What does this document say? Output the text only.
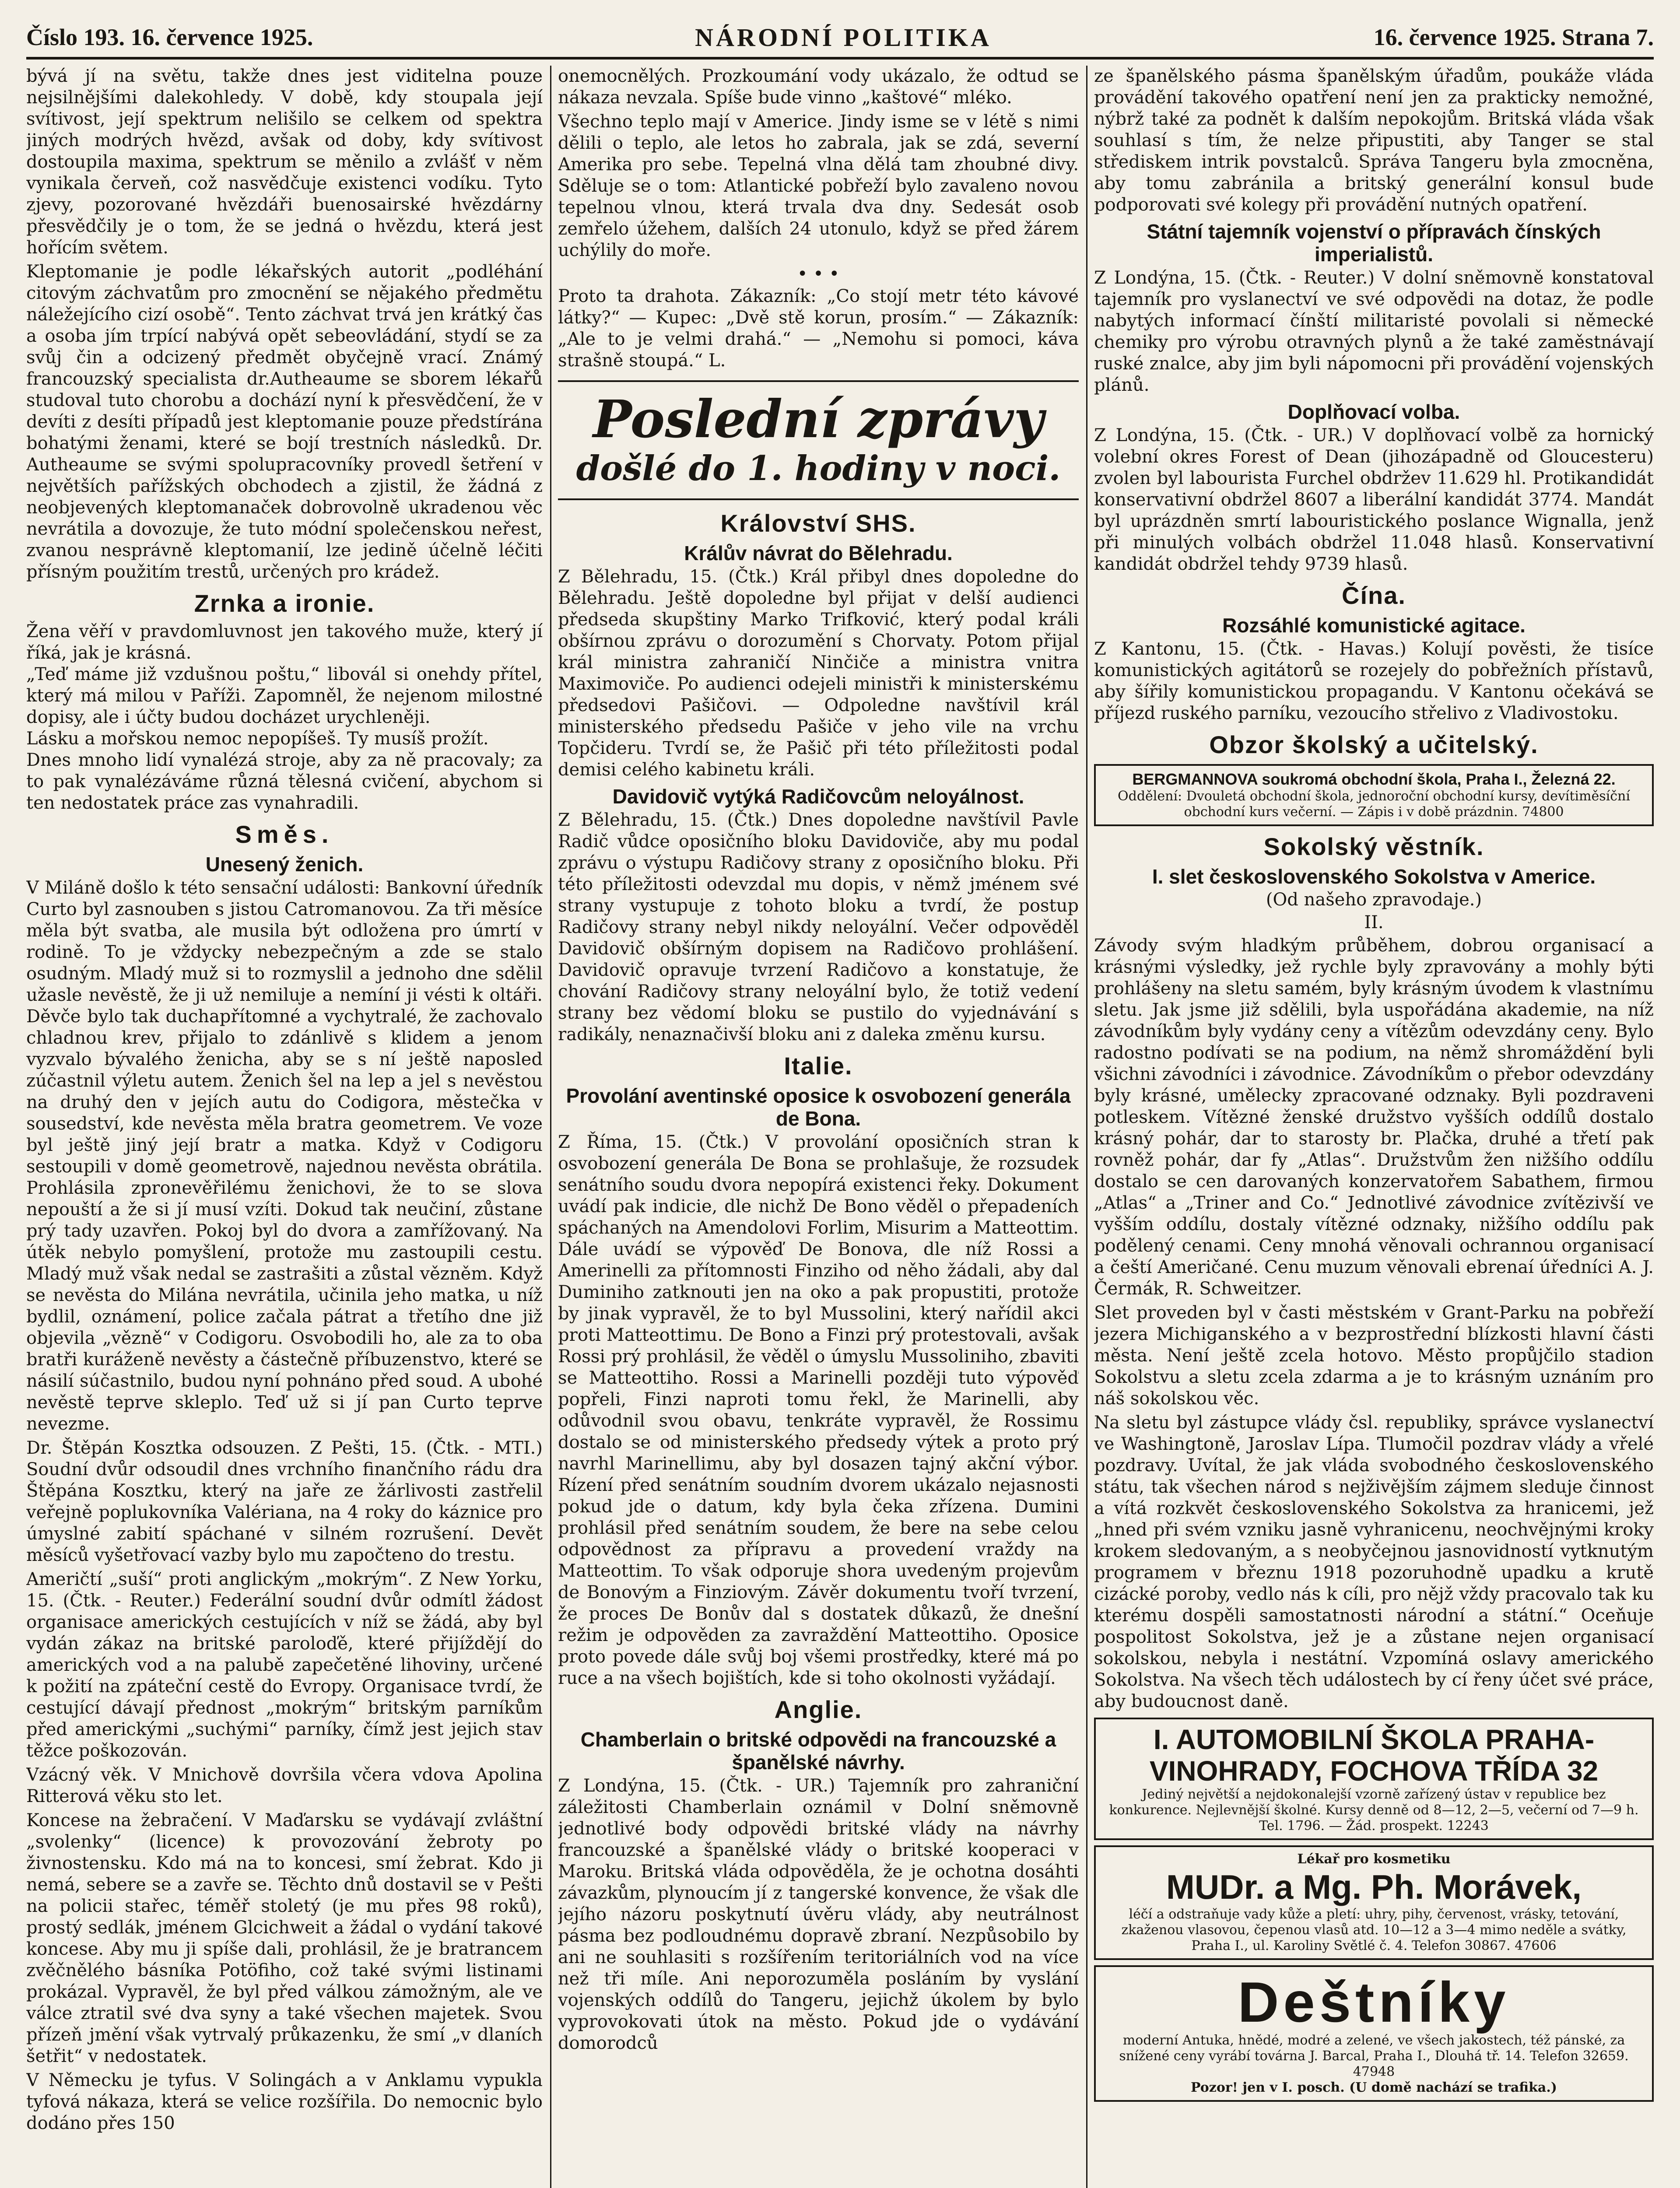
Číslo 193. 16. července 1925.	NÁRODNÍ POLITIKA	16. července 1925. Strana 7.

bývá jí na světu, takže dnes jest viditelna pouze nejsilnějšími dalekohledy. V době, kdy stoupala její svítivost, její spektrum nelišilo se celkem od spektra jiných modrých hvězd, avšak od doby, kdy svítivost dostoupila maxima, spektrum se měnilo a zvlášť v něm vynikala červeň, což nasvědčuje existenci vodíku. Tyto zjevy, pozorované hvězdáři buenosairské hvězdárny přesvědčily je o tom, že se jedná o hvězdu, která jest hořícím světem.

Kleptomanie je podle lékařských autorit „podléhání citovým záchvatům pro zmocnění se nějakého předmětu náležejícího cizí osobě“. Tento záchvat trvá jen krátký čas a osoba jím trpící nabývá opět sebeovládání, stydí se za svůj čin a odcizený předmět obyčejně vrací. Známý francouzský specialista dr.Autheaume se sborem lékařů studoval tuto chorobu a dochází nyní k přesvědčení, že v devíti z desíti případů jest kleptomanie pouze předstírána bohatými ženami, které se bojí trestních následků. Dr. Autheaume se svými spolupracovníky provedl šetření v největších pařížských obchodech a zjistil, že žádná z neobjevených kleptomanaček dobrovolně ukradenou věc nevrátila a dovozuje, že tuto módní společenskou neřest, zvanou nesprávně kleptomanií, lze jedině účelně léčiti přísným použitím trestů, určených pro krádež.

Zrnka a ironie.

Žena věří v pravdomluvnost jen takového muže, který jí říká, jak je krásná.
„Teď máme již vzdušnou poštu,“ libovál si onehdy přítel, který má milou v Paříži. Zapomněl, že nejenom milostné dopisy, ale i účty budou docházet urychleněji.
Lásku a mořskou nemoc nepopíšeš. Ty musíš prožít.
Dnes mnoho lidí vynalézá stroje, aby za ně pracovaly; za to pak vynalézáváme různá tělesná cvičení, abychom si ten nedostatek práce zas vynahradili.

Směs.
Unesený ženich.

V Miláně došlo k této sensační události: Bankovní úředník Curto byl zasnouben s jistou Catromanovou. Za tři měsíce měla být svatba, ale musila být odložena pro úmrtí v rodině. To je vždycky nebezpečným a zde se stalo osudným. Mladý muž si to rozmyslil a jednoho dne sdělil užasle nevěstě, že ji už nemiluje a nemíní ji vésti k oltáři. Děvče bylo tak duchapřítomné a vychytralé, že zachovalo chladnou krev, přijalo to zdánlivě s klidem a jenom vyzvalo bývalého ženicha, aby se s ní ještě naposled zúčastnil výletu autem. Ženich šel na lep a jel s nevěstou na druhý den v jejích autu do Codigora, městečka v sousedství, kde nevěsta měla bratra geometrem. Ve voze byl ještě jiný její bratr a matka. Když v Codigoru sestoupili v domě geometrově, najednou nevěsta obrátila. Prohlásila zpronevěřilému ženichovi, že to se slova nepouští a že si jí musí vzíti. Dokud tak neučiní, zůstane prý tady uzavřen. Pokoj byl do dvora a zamřížovaný. Na útěk nebylo pomyšlení, protože mu zastoupili cestu. Mladý muž však nedal se zastrašiti a zůstal vězněm. Když se nevěsta do Milána nevrátila, učinila jeho matka, u níž bydlil, oznámení, police začala pátrat a třetího dne již objevila „vězně“ v Codigoru. Osvobodili ho, ale za to oba bratři kuráženě nevěsty a částečně příbuzenstvo, které se násilí súčastnilo, budou nyní pohnáno před soud. A ubohé nevěstě teprve skleplo. Teď už si jí pan Curto teprve nevezme.

Dr. Štěpán Kosztka odsouzen. Z Pešti, 15. (Čtk. - MTI.) Soudní dvůr odsoudil dnes vrchního finančního rádu dra Štěpána Kosztku, který na jaře ze žárlivosti zastřelil veřejně poplukovníka Valériana, na 4 roky do káznice pro úmyslné zabití spáchané v silném rozrušení. Devět měsíců vyšetřovací vazby bylo mu započteno do trestu.

Američtí „suší“ proti anglickým „mokrým“. Z New Yorku, 15. (Čtk. - Reuter.) Federální soudní dvůr odmítl žádost organisace amerických cestujících v níž se žádá, aby byl vydán zákaz na britské paroloďě, které přijíždějí do amerických vod a na palubě zapečetěné lihoviny, určené k požití na zpáteční cestě do Evropy. Organisace tvrdí, že cestující dávají přednost „mokrým“ britským parníkům před americkými „suchými“ parníky, čímž jest jejich stav těžce poškozován.

Vzácný věk. V Mnichově dovršila včera vdova Apolina Ritterová věku sto let.

Koncese na žebračení. V Maďarsku se vydávají zvláštní „svolenky“ (licence) k provozování žebroty po živnostensku. Kdo má na to koncesi, smí žebrat. Kdo ji nemá, sebere se a zavře se. Těchto dnů dostavil se v Pešti na policii stařec, téměř stoletý (je mu přes 98 roků), prostý sedlák, jménem Glcichweit a žádal o vydání takové koncese. Aby mu ji spíše dali, prohlásil, že je bratrancem zvěčnělého básníka Potöfiho, což také svými listinami prokázal. Vypravěl, že byl před válkou zámožným, ale ve válce ztratil své dva syny a také všechen majetek. Svou přízeň jmění však vytrvalý průkazenku, že smí „v dlaních šetřit“ v nedostatek.

V Německu je tyfus. V Solingách a v Anklamu vypukla tyfová nákaza, která se velice rozšířila. Do nemocnic bylo dodáno přes 150

onemocnělých. Prozkoumání vody ukázalo, že odtud se nákaza nevzala. Spíše bude vinno „kaštové“ mléko.

Všechno teplo mají v Americe. Jindy isme se v létě s nimi dělili o teplo, ale letos ho zabrala, jak se zdá, severní Amerika pro sebe. Tepelná vlna dělá tam zhoubné divy. Sděluje se o tom: Atlantické pobřeží bylo zavaleno novou tepelnou vlnou, která trvala dva dny. Sedesát osob zemřelo úžehem, dalších 24 utonulo, když se před žárem uchýlily do moře.

• • •

Proto ta drahota. Zákazník: „Co stojí metr této kávové látky?“ — Kupec: „Dvě stě korun, prosím.“ — Zákazník: „Ale to je velmi drahá.“ — „Nemohu si pomoci, káva strašně stoupá.“ L.

Poslední zprávy
došlé do 1. hodiny v noci.
Království SHS.
Králův návrat do Bělehradu.

Z Bělehradu, 15. (Čtk.) Král přibyl dnes dopoledne do Bělehradu. Ještě dopoledne byl přijat v delší audienci předseda skupštiny Marko Trifković, který podal králi obšírnou zprávu o dorozumění s Chorvaty. Potom přijal král ministra zahraničí Ninčiče a ministra vnitra Maximoviče. Po audienci odejeli ministři k ministerskému předsedovi Pašičovi. — Odpoledne navštívil král ministerského předsedu Pašiče v jeho vile na vrchu Topčideru. Tvrdí se, že Pašič při této příležitosti podal demisi celého kabinetu králi.

Davidovič vytýká Radičovcům neloyálnost.

Z Bělehradu, 15. (Čtk.) Dnes dopoledne navštívil Pavle Radič vůdce oposičního bloku Davidoviče, aby mu podal zprávu o výstupu Radičovy strany z oposičního bloku. Při této příležitosti odevzdal mu dopis, v němž jménem své strany vystupuje z tohoto bloku a tvrdí, že postup Radičovy strany nebyl nikdy neloyální. Večer odpověděl Davidovič obšírným dopisem na Radičovo prohlášení. Davidovič opravuje tvrzení Radičovo a konstatuje, že chování Radičovy strany neloyální bylo, že totiž vedení strany bez vědomí bloku se pustilo do vyjednávání s radikály, nenaznačivší bloku ani z daleka změnu kursu.

Italie.
Provolání aventinské oposice k osvobození generála de Bona.

Z Říma, 15. (Čtk.) V provolání oposičních stran k osvobození generála De Bona se prohlašuje, že rozsudek senátního soudu dvora nepopírá existenci řeky. Dokument uvádí pak indicie, dle nichž De Bono věděl o přepadeních spáchaných na Amendolovi Forlim, Misurim a Matteottim. Dále uvádí se výpověď De Bonova, dle níž Rossi a Amerinelli za přítomnosti Finziho od něho žádali, aby dal Duminiho zatknouti jen na oko a pak propustiti, protože by jinak vypravěl, že to byl Mussolini, který nařídil akci proti Matteottimu. De Bono a Finzi prý protestovali, avšak Rossi prý prohlásil, že věděl o úmyslu Mussoliniho, zbaviti se Matteottiho. Rossi a Marinelli později tuto výpověď popřeli, Finzi naproti tomu řekl, že Marinelli, aby odůvodnil svou obavu, tenkráte vypravěl, že Rossimu dostalo se od ministerského předsedy výtek a proto prý navrhl Marinellimu, aby byl dosazen tajný akční výbor. Rízení před senátním soudním dvorem ukázalo nejasnosti pokud jde o datum, kdy byla čeka zřízena. Dumini prohlásil před senátním soudem, že bere na sebe celou odpovědnost za přípravu a provedení vraždy na Matteottim. To však odporuje shora uvedeným projevům de Bonovým a Finziovým. Závěr dokumentu tvoří tvrzení, že proces De Bonův dal s dostatek důkazů, že dnešní režim je odpověden za zavraždění Matteottiho. Oposice proto povede dále svůj boj všemi prostředky, které má po ruce a na všech bojištích, kde si toho okolnosti vyžádají.

Anglie.
Chamberlain o britské odpovědi na francouzské a španělské návrhy.

Z Londýna, 15. (Čtk. - UR.) Tajemník pro zahraniční záležitosti Chamberlain oznámil v Dolní sněmovně jednotlivé body odpovědi britské vlády na návrhy francouzské a španělské vlády o britské kooperaci v Maroku. Britská vláda odpověděla, že je ochotna dosáhti závazkům, plynoucím jí z tangerské konvence, že však dle jejího názoru poskytnutí úvěru vlády, aby neutrálnost pásma bez podloudnému dopravě zbraní. Nezpůsobilo by ani ne souhlasiti s rozšířením teritoriálních vod na více než tři míle. Ani neporozuměla posláním by vyslání vojenských oddílů do Tangeru, jejichž úkolem by bylo vyprovokovati útok na město. Pokud jde o vydávání domorodců

ze španělského pásma španělským úřadům, poukáže vláda provádění takového opatření není jen za prakticky nemožné, nýbrž také za podnět k dalším nepokojům. Britská vláda však souhlasí s tím, že nelze připustiti, aby Tanger se stal střediskem intrik povstalců. Správa Tangeru byla zmocněna, aby tomu zabránila a britský generální konsul bude podporovati své kolegy při provádění nutných opatření.

Státní tajemník vojenství o přípravách čínských imperialistů.

Z Londýna, 15. (Čtk. - Reuter.) V dolní sněmovně konstatoval tajemník pro vyslanectví ve své odpovědi na dotaz, že podle nabytých informací čínští militaristé povolali si německé chemiky pro výrobu otravných plynů a že také zaměstnávají ruské znalce, aby jim byli nápomocni při provádění vojenských plánů.

Doplňovací volba.

Z Londýna, 15. (Čtk. - UR.) V doplňovací volbě za hornický volební okres Forest of Dean (jihozápadně od Gloucesteru) zvolen byl labourista Furchel obdržev 11.629 hl. Protikandidát konservativní obdržel 8607 a liberální kandidát 3774. Mandát byl uprázdněn smrtí labouristického poslance Wignalla, jenž při minulých volbách obdržel 11.048 hlasů. Konservativní kandidát obdržel tehdy 9739 hlasů.

Čína.
Rozsáhlé komunistické agitace.

Z Kantonu, 15. (Čtk. - Havas.) Kolují pověsti, že tisíce komunistických agitátorů se rozejely do pobřežních přístavů, aby šířily komunistickou propagandu. V Kantonu očekává se příjezd ruského parníku, vezoucího střelivo z Vladivostoku.

Obzor školský a učitelský.
BERGMANNOVA soukromá obchodní škola, Praha I., Železná 22.
Oddělení: Dvouletá obchodní škola, jednoroční obchodní kursy, devítiměsíční obchodní kurs večerní. — Zápis i v době prázdnin. 74800
Sokolský věstník.
I. slet československého Sokolstva v Americe.
(Od našeho zpravodaje.)
II.

Závody svým hladkým průběhem, dobrou organisací a krásnými výsledky, jež rychle byly zpravovány a mohly býti prohlášeny na sletu samém, byly krásným úvodem k vlastnímu sletu. Jak jsme již sdělili, byla uspořádána akademie, na níž závodníkům byly vydány ceny a vítězům odevzdány ceny. Bylo radostno podívati se na podium, na němž shromáždění byli všichni závodníci i závodnice. Závodníkům o přebor odevzdány byly krásné, umělecky zpracované odznaky. Byli pozdraveni potleskem. Vítězné ženské družstvo vyšších oddílů dostalo krásný pohár, dar to starosty br. Plačka, druhé a třetí pak rovněž pohár, dar fy „Atlas“. Družstvům žen nižšího oddílu dostalo se cen darovaných konzervatořem Sabathem, firmou „Atlas“ a „Triner and Co.“ Jednotlivé závodnice zvítězivší ve vyšším oddílu, dostaly vítězné odznaky, nižšího oddílu pak podělený cenami. Ceny mnohá věnovali ochrannou organisací a čeští Američané. Cenu muzum věnovali ebrenaí úředníci A. J. Čermák, R. Schweitzer.

Slet proveden byl v časti městském v Grant-Parku na pobřeží jezera Michiganského a v bezprostřední blízkosti hlavní části města. Není ještě zcela hotovo. Město propůjčilo stadion Sokolstvu a sletu zcela zdarma a je to krásným uznáním pro náš sokolskou věc.

Na sletu byl zástupce vlády čsl. republiky, správce vyslanectví ve Washingtoně, Jaroslav Lípa. Tlumočil pozdrav vlády a vřelé pozdravy. Uvítal, že jak vláda svobodného československého státu, tak všechen národ s nejživějším zájmem sleduje činnost a vítá rozkvět československého Sokolstva za hranicemi, jež „hned při svém vzniku jasně vyhranicenu, neochvějnými kroky krokem sledovaným, a s neobyčejnou jasnovidností vytknutým programem v březnu 1918 pozoruhodně upadku a krutě cizácké poroby, vedlo nás k cíli, pro nějž vždy pracovalo tak ku kterému dospěli samostatnosti národní a státní.“ Oceňuje pospolitost Sokolstva, jež je a zůstane nejen organisací sokolskou, nebyla i nestátní. Vzpomíná oslavy amerického Sokolstva. Na všech těch událostech by cí řeny účet své práce, aby budoucnost daně.

I. AUTOMOBILNÍ ŠKOLA PRAHA-VINOHRADY, FOCHOVA TŘÍDA 32
Jediný největší a nejdokonalejší vzorně zařízený ústav v republice bez konkurence. Nejlevnější školné. Kursy denně od 8—12, 2—5, večerní od 7—9 h. Tel. 1796. — Žád. prospekt. 12243
Lékař pro kosmetiku
MUDr. a Mg. Ph. Morávek,
léčí a odstraňuje vady kůže a pletí: uhry, pihy, červenost, vrásky, tetování, zkaženou vlasovou, čepenou vlasů atd. 10—12 a 3—4 mimo neděle a svátky, Praha I., ul. Karoliny Světlé č. 4. Telefon 30867. 47606
Deštníky
moderní Antuka, hnědé, modré a zelené, ve všech jakostech, též pánské, za snížené ceny vyrábí továrna J. Barcal, Praha I., Dlouhá tř. 14. Telefon 32659. 47948
Pozor! jen v I. posch. (U domě nachází se trafika.)
